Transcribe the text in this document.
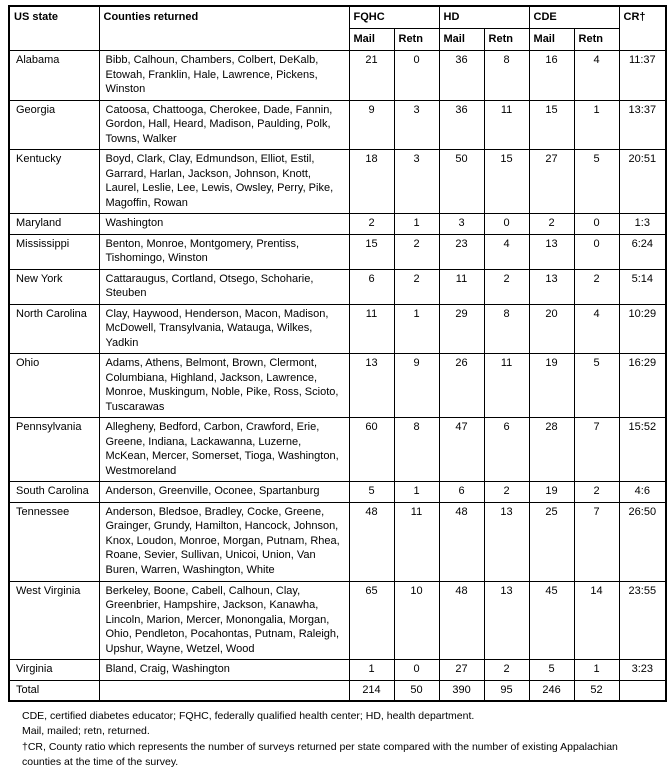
US state	Counties returned	FQHC		HD		CDE		CR†
		Mail	Retn	Mail	Retn	Mail	Retn	
Alabama	Bibb, Calhoun, Chambers, Colbert, DeKalb, Etowah, Franklin, Hale, Lawrence, Pickens, Winston	21	0	36	8	16	4	11:37
Georgia	Catoosa, Chattooga, Cherokee, Dade, Fannin, Gordon, Hall, Heard, Madison, Paulding, Polk, Towns, Walker	9	3	36	11	15	1	13:37
Kentucky	Boyd, Clark, Clay, Edmundson, Elliot, Estil, Garrard, Harlan, Jackson, Johnson, Knott, Laurel, Leslie, Lee, Lewis, Owsley, Perry, Pike, Magoffin, Rowan	18	3	50	15	27	5	20:51
Maryland	Washington	2	1	3	0	2	0	1:3
Mississippi	Benton, Monroe, Montgomery, Prentiss, Tishomingo, Winston	15	2	23	4	13	0	6:24
New York	Cattaraugus, Cortland, Otsego, Schoharie, Steuben	6	2	11	2	13	2	5:14
North Carolina	Clay, Haywood, Henderson, Macon, Madison, McDowell, Transylvania, Watauga, Wilkes, Yadkin	11	1	29	8	20	4	10:29
Ohio	Adams, Athens, Belmont, Brown, Clermont, Columbiana, Highland, Jackson, Lawrence, Monroe, Muskingum, Noble, Pike, Ross, Scioto, Tuscarawas	13	9	26	11	19	5	16:29
Pennsylvania	Allegheny, Bedford, Carbon, Crawford, Erie, Greene, Indiana, Lackawanna, Luzerne, McKean, Mercer, Somerset, Tioga, Washington, Westmoreland	60	8	47	6	28	7	15:52
South Carolina	Anderson, Greenville, Oconee, Spartanburg	5	1	6	2	19	2	4:6
Tennessee	Anderson, Bledsoe, Bradley, Cocke, Greene, Grainger, Grundy, Hamilton, Hancock, Johnson, Knox, Loudon, Monroe, Morgan, Putnam, Rhea, Roane, Sevier, Sullivan, Unicoi, Union, Van Buren, Warren, Washington, White	48	11	48	13	25	7	26:50
West Virginia	Berkeley, Boone, Cabell, Calhoun, Clay, Greenbrier, Hampshire, Jackson, Kanawha, Lincoln, Marion, Mercer, Monongalia, Morgan, Ohio, Pendleton, Pocahontas, Putnam, Raleigh, Upshur, Wayne, Wetzel, Wood	65	10	48	13	45	14	23:55
Virginia	Bland, Craig, Washington	1	0	27	2	5	1	3:23
Total		214	50	390	95	246	52	
CDE, certified diabetes educator; FQHC, federally qualified health center; HD, health department.
Mail, mailed; retn, returned.
†CR, County ratio which represents the number of surveys returned per state compared with the number of existing Appalachian counties at the time of the survey.
